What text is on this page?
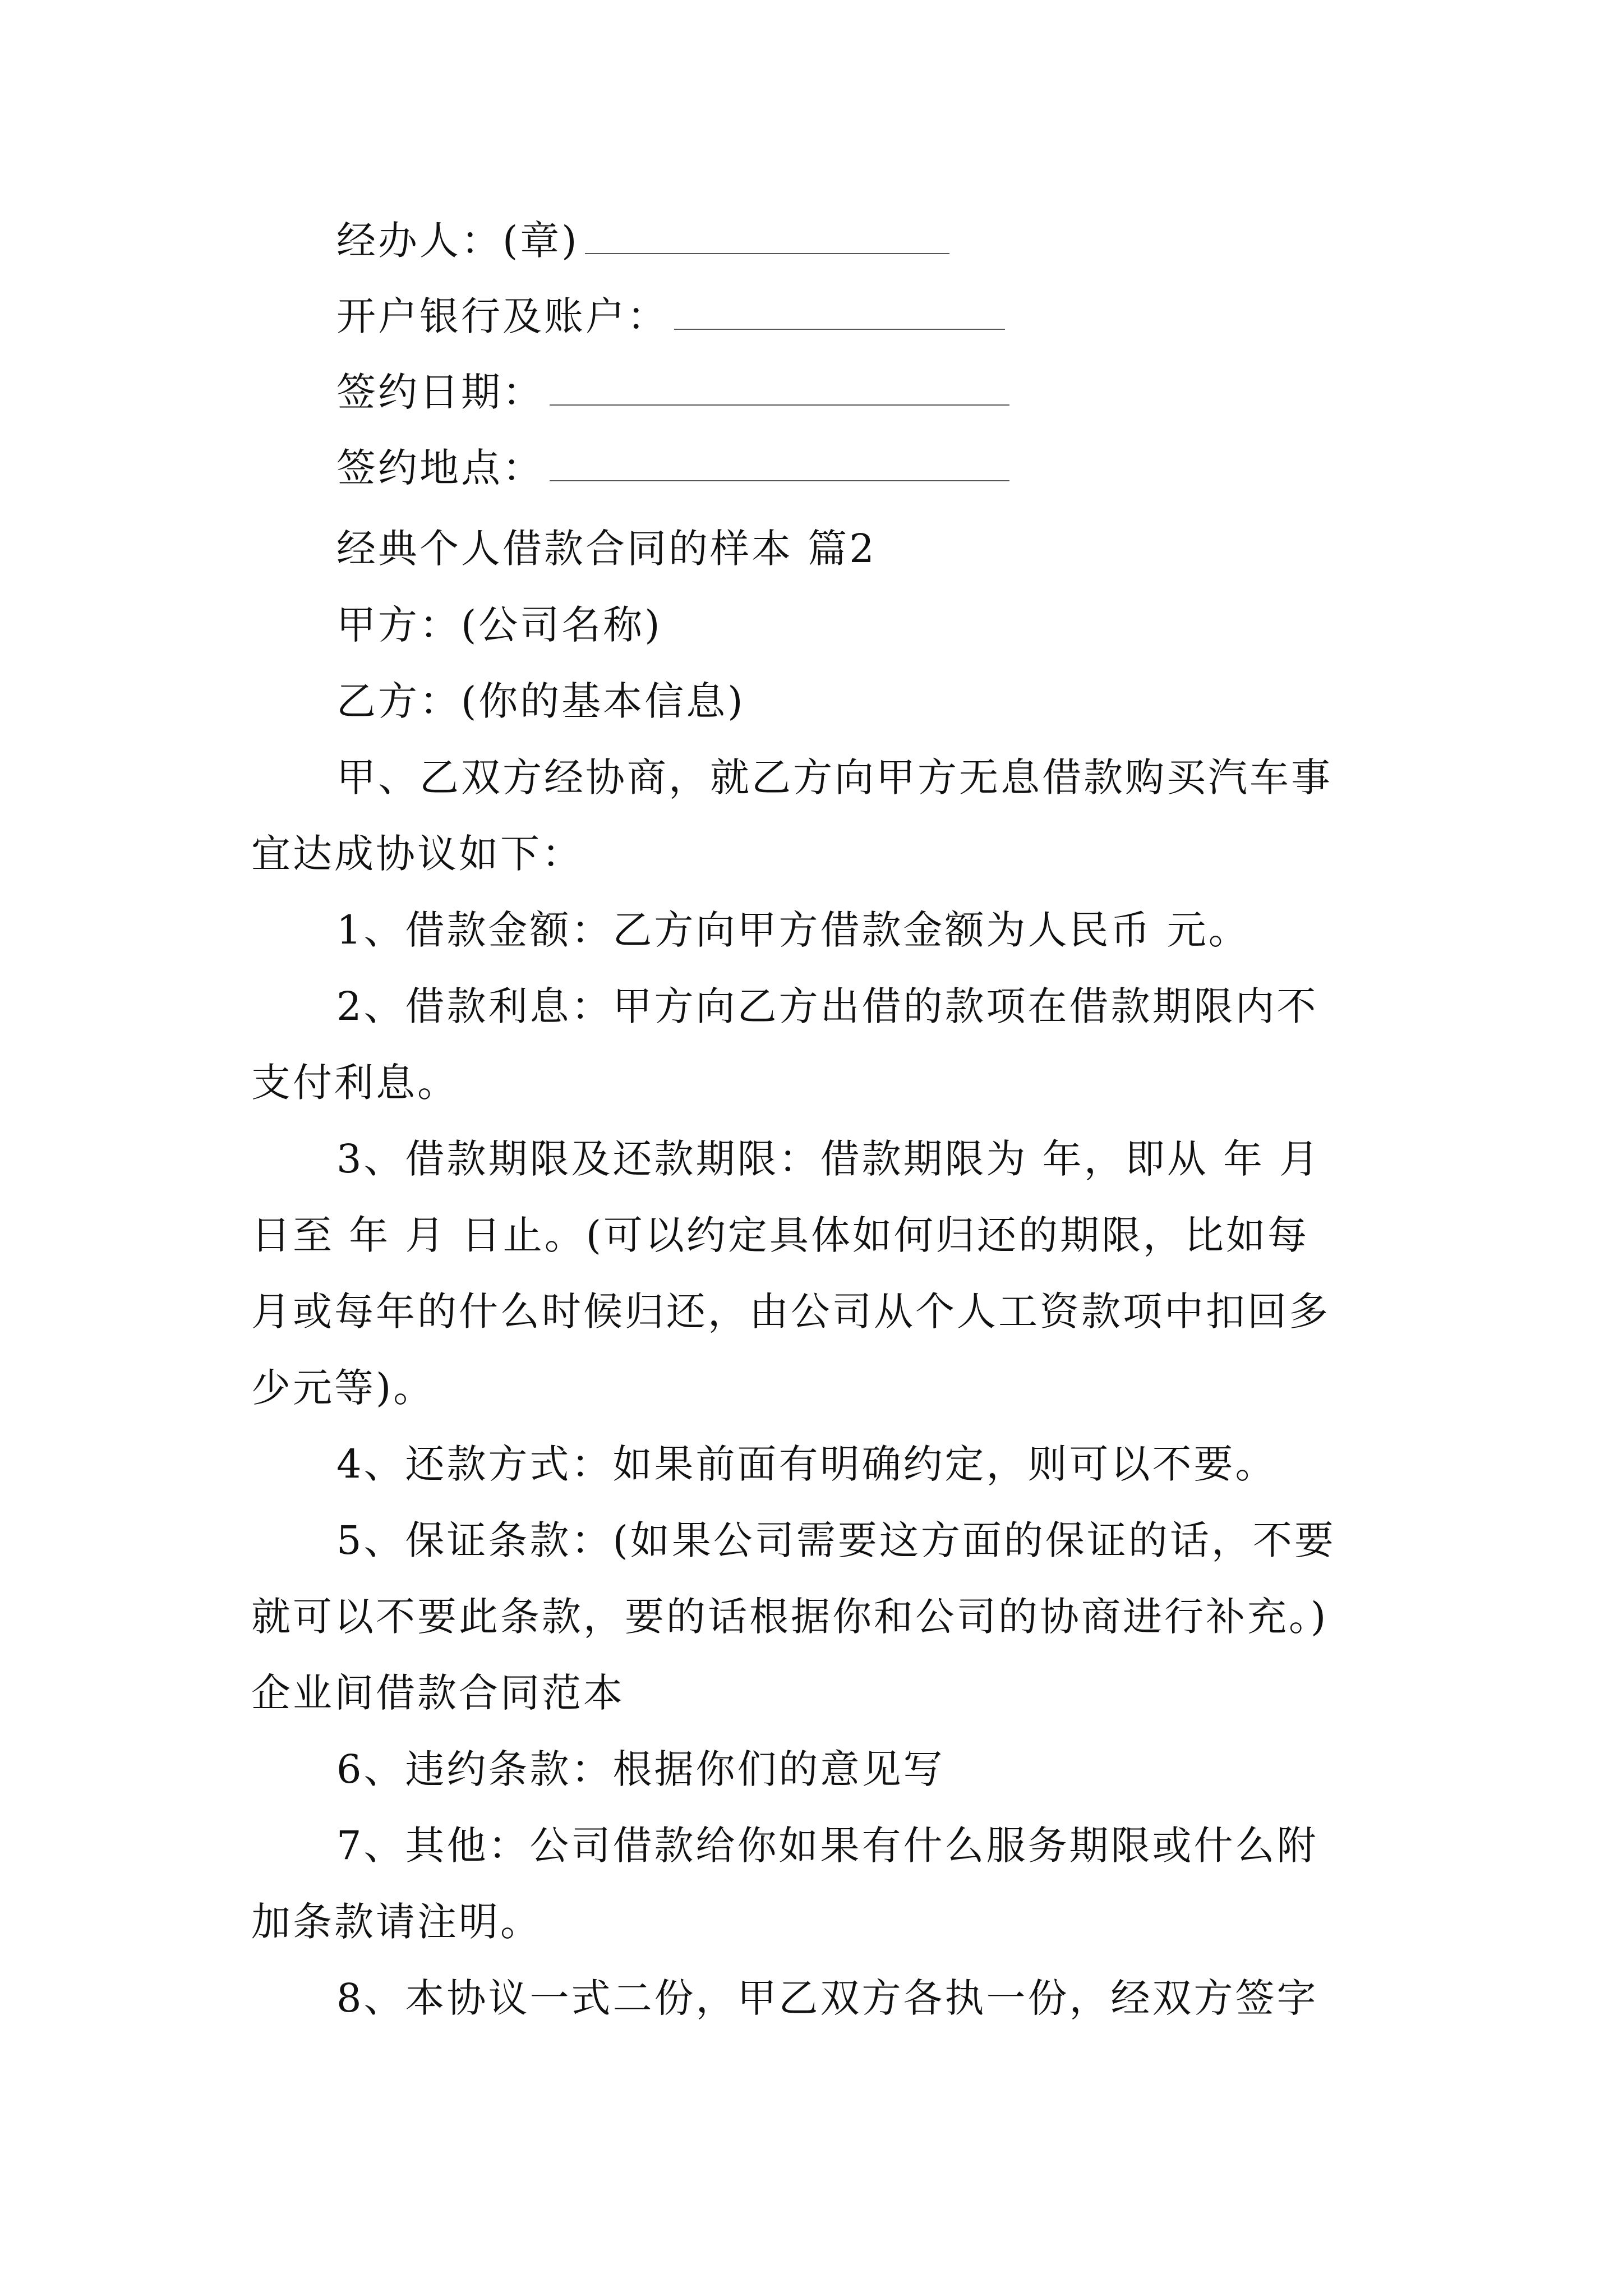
经办人：(章)
开户银行及账户：
签约日期：
签约地点：
经典个人借款合同的样本 篇2
甲方：(公司名称)
乙方：(你的基本信息)
甲、乙双方经协商，就乙方向甲方无息借款购买汽车事
宜达成协议如下：
1、借款金额：乙方向甲方借款金额为人民币 元。
2、借款利息：甲方向乙方出借的款项在借款期限内不
支付利息。
3、借款期限及还款期限：借款期限为 年，即从 年 月
日至 年 月 日止。(可以约定具体如何归还的期限，比如每
月或每年的什么时候归还，由公司从个人工资款项中扣回多
少元等)。
4、还款方式：如果前面有明确约定，则可以不要。
5、保证条款：(如果公司需要这方面的保证的话，不要
就可以不要此条款，要的话根据你和公司的协商进行补充。)
企业间借款合同范本
6、违约条款：根据你们的意见写
7、其他：公司借款给你如果有什么服务期限或什么附
加条款请注明。
8、本协议一式二份，甲乙双方各执一份，经双方签字
